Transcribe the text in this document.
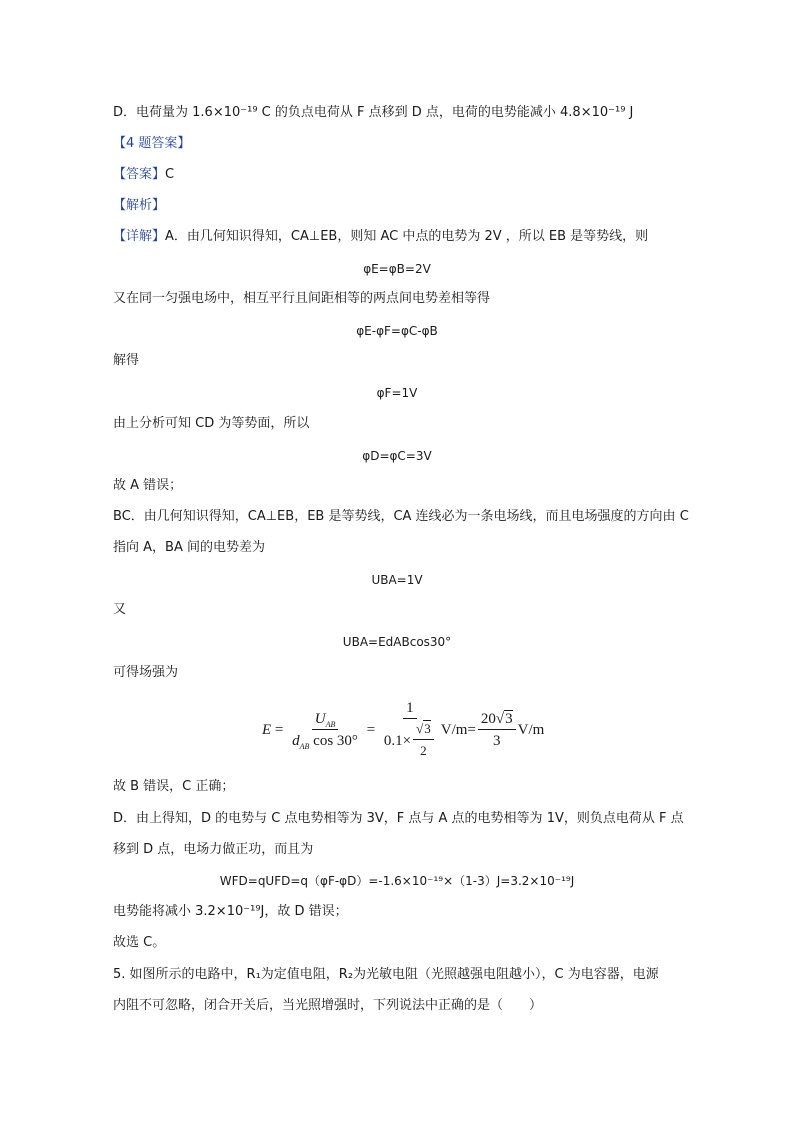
D．电荷量为 1.6×10⁻¹⁹ C 的负点电荷从 F 点移到 D 点，电荷的电势能减小 4.8×10⁻¹⁹ J
【4 题答案】
【答案】C
【解析】
【详解】A．由几何知识得知，CA⊥EB，则知 AC 中点的电势为 2V ，所以 EB 是等势线，则
φE=φB=2V
又在同一匀强电场中，相互平行且间距相等的两点间电势差相等得
φE-φF=φC-φB
解得
φF=1V
由上分析可知 CD 为等势面，所以
φD=φC=3V
故 A 错误；
BC．由几何知识得知，CA⊥EB，EB 是等势线，CA 连线必为一条电场线，而且电场强度的方向由 C
指向 A，BA 间的电势差为
UBA=1V
又
UBA=EdABcos30°
可得场强为
$E = \frac{U_{AB}}{d_{AB} \cos 30^\circ} = \frac{1}{0.1\times \frac{√3}{2}} V/m = \frac{20√3}{3} V/m$
故 B 错误，C 正确；
D．由上得知，D 的电势与 C 点电势相等为 3V，F 点与 A 点的电势相等为 1V，则负点电荷从 F 点
移到 D 点，电场力做正功，而且为
WFD=qUFD=q（φF-φD）=-1.6×10⁻¹⁹×（1-3）J=3.2×10⁻¹⁹J
电势能将减小 3.2×10⁻¹⁹J，故 D 错误；
故选 C。
5. 如图所示的电路中，R₁为定值电阻，R₂为光敏电阻（光照越强电阻越小），C 为电容器，电源
内阻不可忽略，闭合开关后，当光照增强时，下列说法中正确的是（　　）
